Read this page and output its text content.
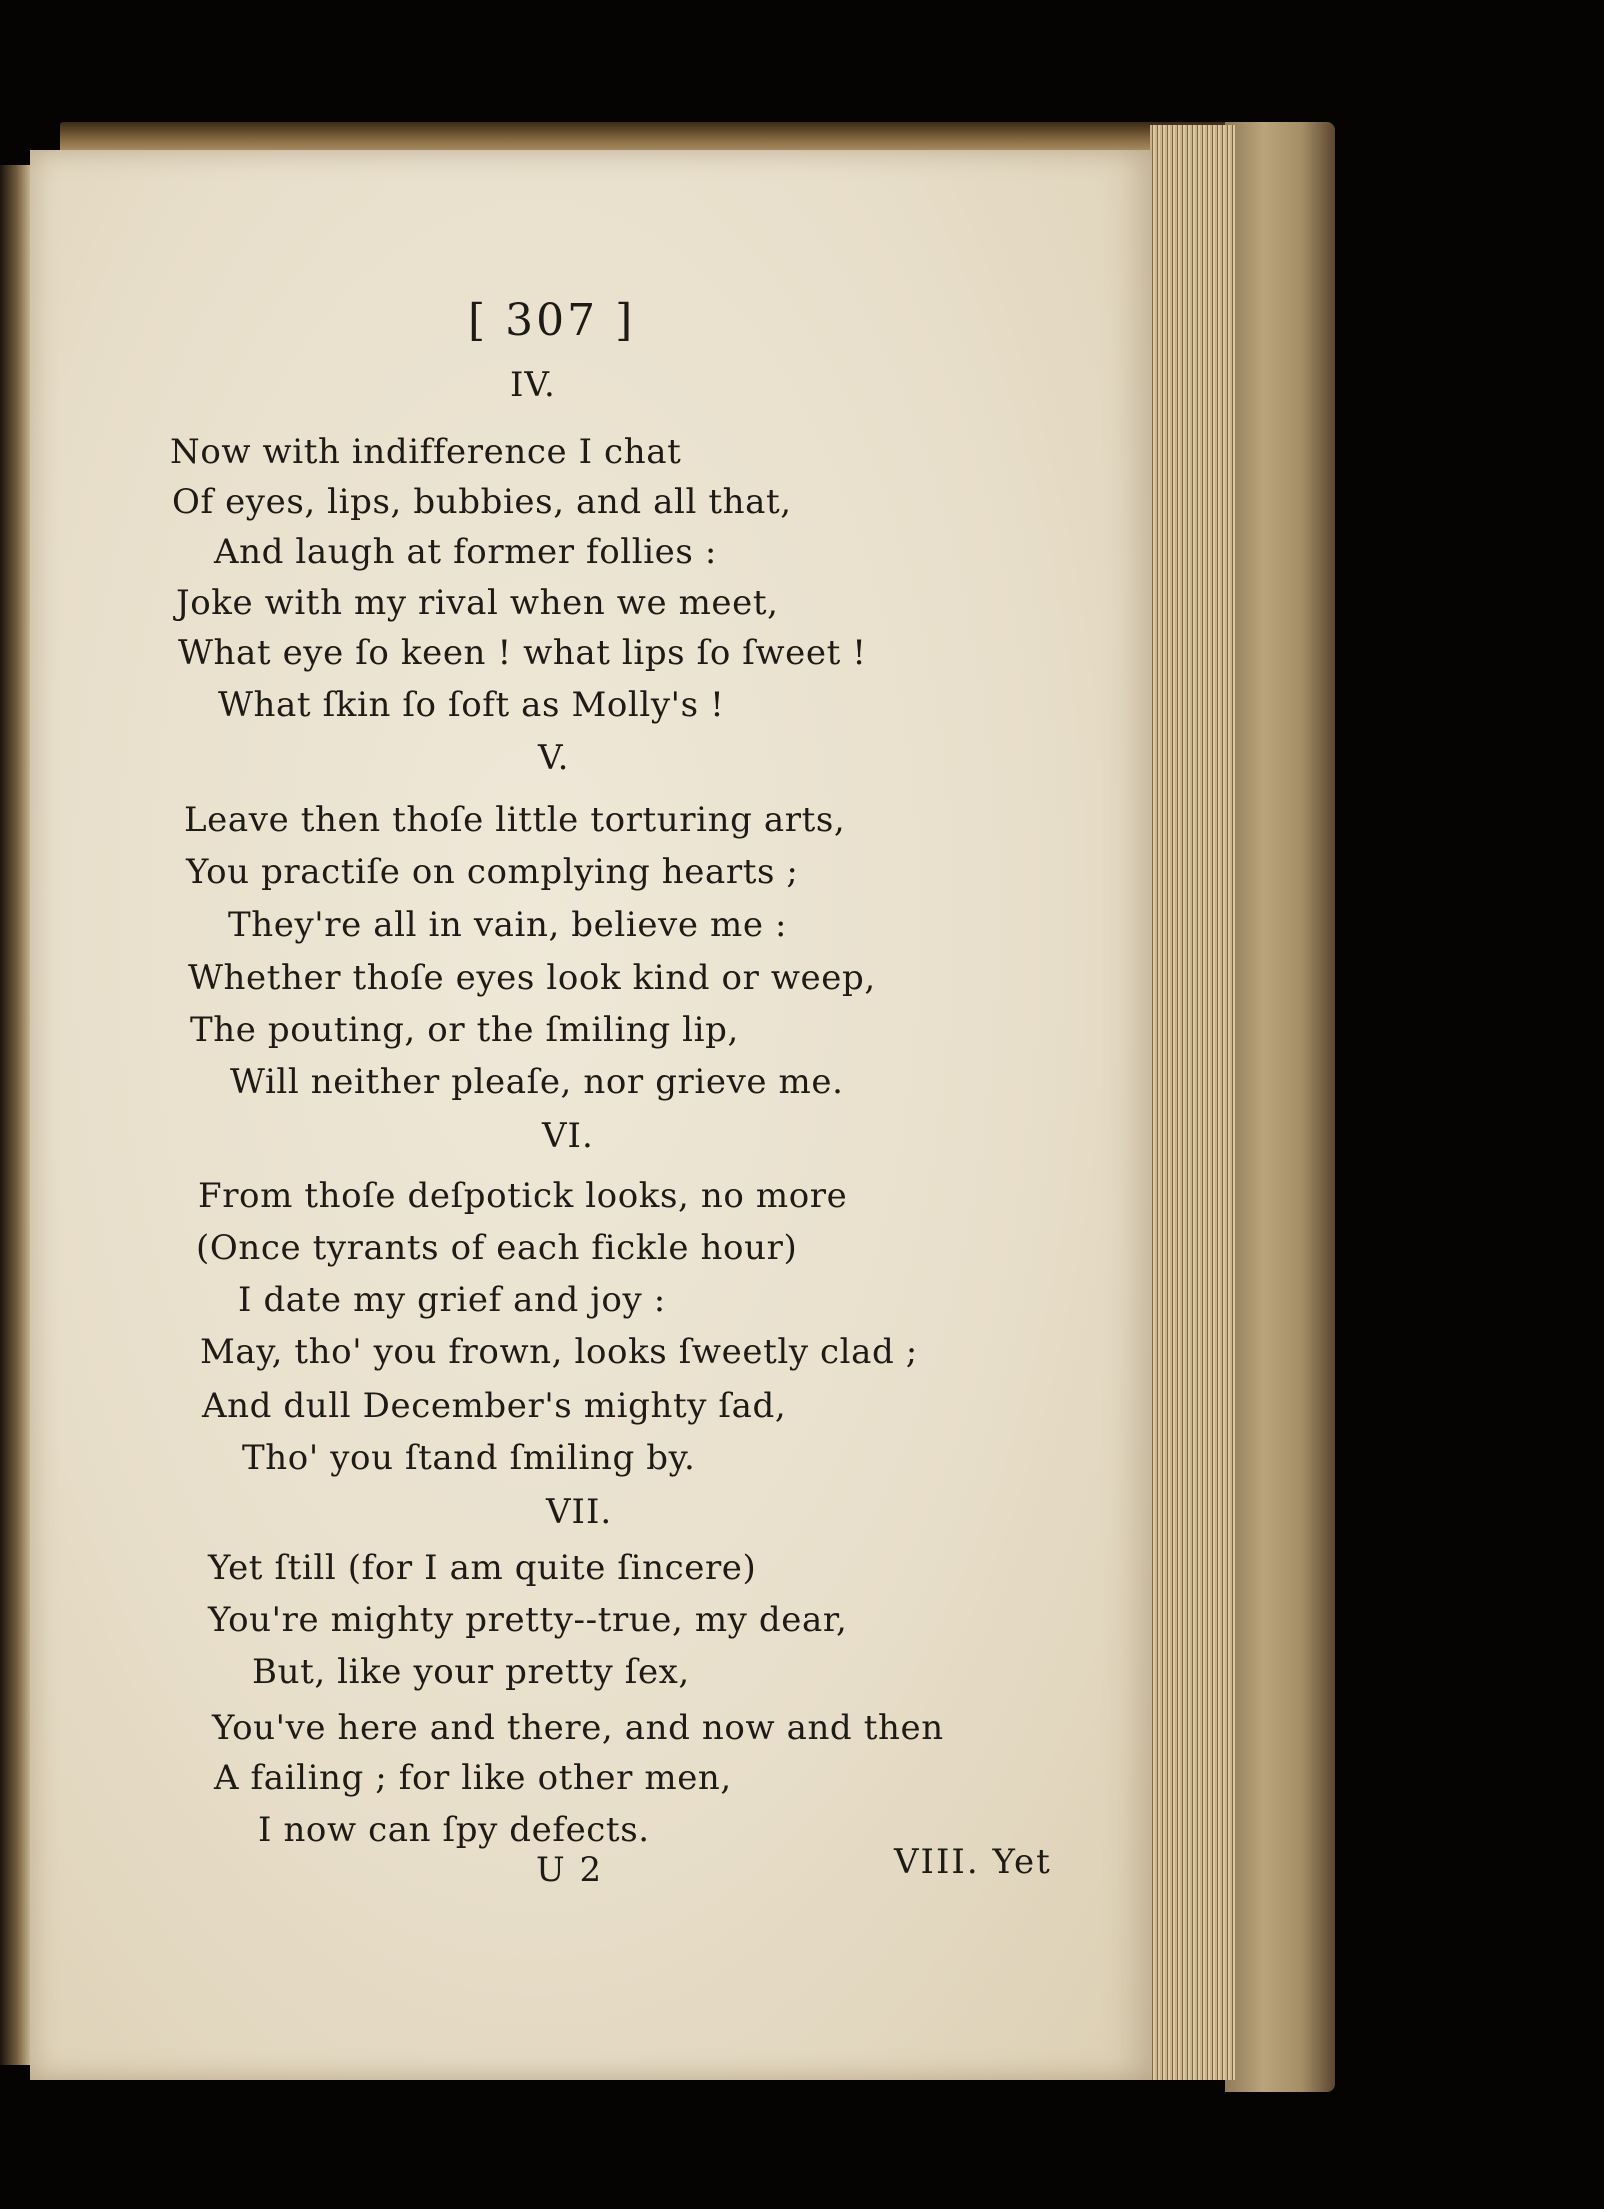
[ 307 ]
IV.
Now with indifference I chat
Of eyes, lips, bubbies, and all that,
And laugh at former follies :
Joke with my rival when we meet,
What eye ſo keen ! what lips ſo ſweet !
What ſkin ſo ſoft as Molly's !
V.
Leave then thoſe little torturing arts,
You practiſe on complying hearts ;
They're all in vain, believe me :
Whether thoſe eyes look kind or weep,
The pouting, or the ſmiling lip,
Will neither pleaſe, nor grieve me.
VI.
From thoſe deſpotick looks, no more
(Once tyrants of each fickle hour)
I date my grief and joy :
May, tho' you frown, looks ſweetly clad ;
And dull December's mighty ſad,
Tho' you ſtand ſmiling by.
VII.
Yet ſtill (for I am quite ſincere)
You're mighty pretty--true, my dear,
But, like your pretty ſex,
You've here and there, and now and then
A failing ; for like other men,
I now can ſpy defects.
U 2	VIII. Yet
